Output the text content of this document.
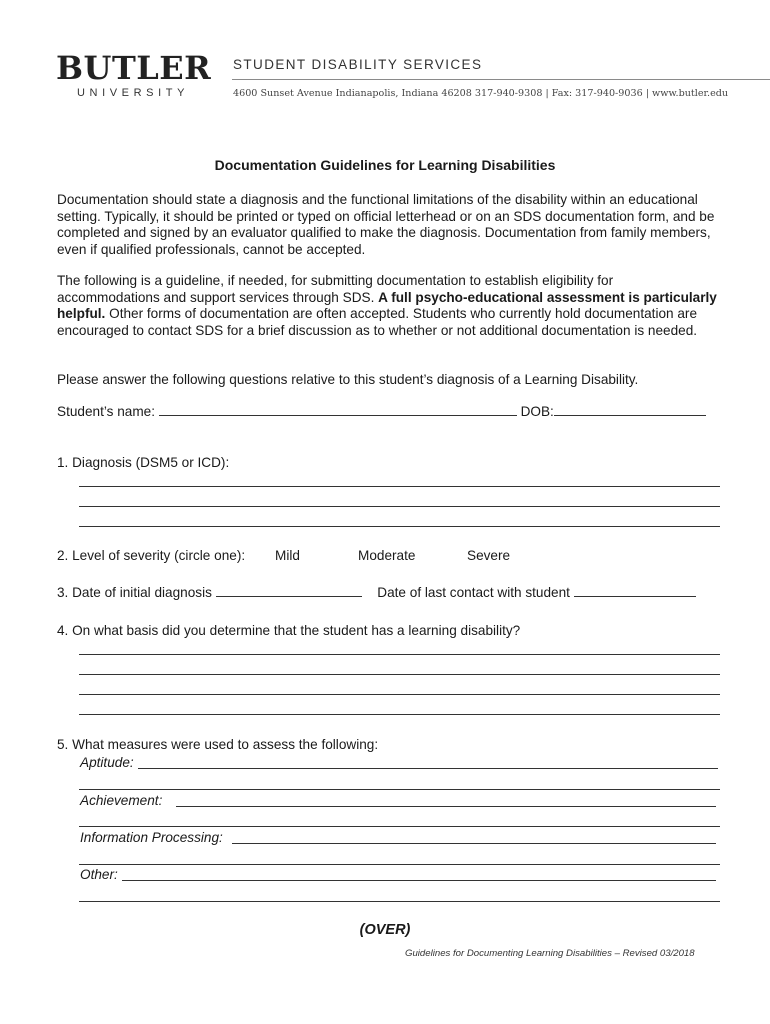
BUTLER
UNIVERSITY
STUDENT DISABILITY SERVICES
4600 Sunset Avenue Indianapolis, Indiana 46208 317-940-9308 | Fax: 317-940-9036 | www.butler.edu
Documentation Guidelines for Learning Disabilities
Documentation should state a diagnosis and the functional limitations of the disability within an educational setting. Typically, it should be printed or typed on official letterhead or on an SDS documentation form, and be completed and signed by an evaluator qualified to make the diagnosis. Documentation from family members, even if qualified professionals, cannot be accepted.
The following is a guideline, if needed, for submitting documentation to establish eligibility for accommodations and support services through SDS. A full psycho-educational assessment is particularly helpful. Other forms of documentation are often accepted. Students who currently hold documentation are encouraged to contact SDS for a brief discussion as to whether or not additional documentation is needed.
Please answer the following questions relative to this student’s diagnosis of a Learning Disability.
Student’s name:	DOB:
1. Diagnosis (DSM5 or ICD):
2. Level of severity (circle one): Mild	Moderate	Severe
3. Date of initial diagnosis	Date of last contact with student
4. On what basis did you determine that the student has a learning disability?
5. What measures were used to assess the following:
Aptitude:
Achievement:
Information Processing:
Other:
(OVER)
Guidelines for Documenting Learning Disabilities – Revised 03/2018
